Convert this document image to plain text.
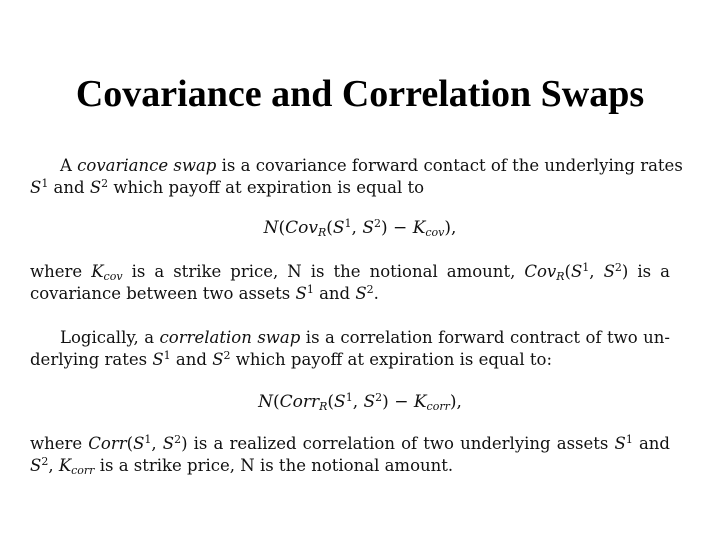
Covariance and Correlation Swaps
A covariance swap is a covariance forward contact of the underlying rates
$S^1$ and $S^2$ which payoff at expiration is equal to
$N(Cov_R(S^1$, $S^2) - K_{cov}$),
where $K_{cov}$ is a strike price, N is the notional amount, $Cov_R(S^1$, $S^2$) is a
covariance between two assets $S^1$ and $S^2$.
Logically, a correlation swap is a correlation forward contract of two un-
derlying rates $S^1$ and $S^2$ which payoff at expiration is equal to:
$N(Corr_R(S^1$, $S^2) - K_{corr}$),
where $Corr(S^1$, $S^2$) is a realized correlation of two underlying assets $S^1$ and
$S^2$, $K_{corr}$ is a strike price, N is the notional amount.
